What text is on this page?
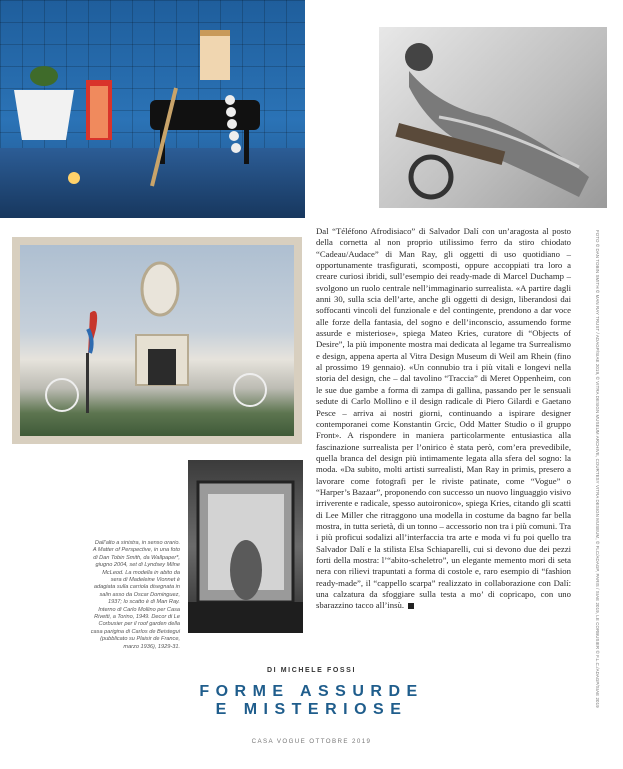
Dall’alto a sinistra, in senso orario. A Matter of Perspective, in una foto di Dan Tobin Smith, da Wallpaper*, giugno 2004, set di Lyndsey Milne McLeod. La modella in abito da sera di Madeleine Vionnet è adagiata sulla carriola disegnata in salin asso da Oscar Dominguez, 1937; lo scatto è di Man Ray. Interno di Carlo Mollino per Casa Rivetti, a Torino, 1949. Decor di Le Corbusier per il roof garden della casa parigina di Carlos de Beistegui (pubblicato su Plaisir de France, marzo 1936), 1929-31.
Dal “Téléfono Afrodisiaco” di Salvador Dalí con un’aragosta al posto della cornetta al non proprio utilissimo ferro da stiro chiodato “Cadeau/Audace” di Man Ray, gli oggetti di uso quotidiano – opportunamente trasfigurati, scomposti, oppure accoppiati tra loro a creare curiosi ibridi, sull’esempio dei ready-made di Marcel Duchamp – svolgono un ruolo centrale nell’immaginario surrealista. «A partire dagli anni 30, sulla scia dell’arte, anche gli oggetti di design, liberandosi dai soffocanti vincoli del funzionale e del contingente, prendono a dar voce alle forze della fantasia, del sogno e dell’inconscio, assumendo forme assurde e misteriose», spiega Mateo Kries, curatore di “Objects of Desire”, la più imponente mostra mai dedicata al legame tra Surrealismo e design, appena aperta al Vitra Design Museum di Weil am Rhein (fino al prossimo 19 gennaio). «Un connubio tra i più vitali e longevi nella storia del design, che – dal tavolino “Traccia” di Meret Oppenheim, con le sue due gambe a forma di zampa di gallina, passando per le sensuali sedute di Carlo Mollino e il design radicale di Piero Gilardi e Gaetano Pesce – arriva ai nostri giorni, continuando a ispirare designer contemporanei come Konstantin Grcic, Odd Matter Studio o il gruppo Front». A rispondere in maniera particolarmente entusiastica alla fascinazione surrealista per l’onirico è stata però, com’era prevedibile, quella branca del design più intimamente legata alla sfera del sogno: la moda. «Da subito, molti artisti surrealisti, Man Ray in primis, presero a lavorare come fotografi per le riviste patinate, come “Vogue” o “Harper’s Bazaar”, proponendo con successo un nuovo linguaggio visivo irriverente e radicale, spesso autoironico», spiega Kries, citando gli scatti di Lee Miller che ritraggono una modella in costume da bagno far bella mostra, in tutta serietà, di un tonno – accessorio non tra i più comuni. Tra i più proficui sodalizi all’interfaccia tra arte e moda vi fu poi quello tra Salvador Dalí e la stilista Elsa Schiaparelli, cui si devono due dei pezzi forti della mostra: l’“abito-scheletro”, un elegante memento mori di seta nera con rilievi trapuntati a forma di costole e, raro esempio di “fashion ready-made”, il “cappello scarpa” realizzato in collaborazione con Dalí: una calzatura da sfoggiare sulla testa a mo’ di copricapo, con uno sbarazzino tacco all’insù.	FOTO © DAN TOBIN SMITH © MAN RAY TRUST / ADAGP/SIAE 2019, © VITRA DESIGN MUSEUM ARCHIVE, COURTESY VITRA DESIGN MUSEUM, © FLC/ADAGP, PARIS / SIAE 2019, LE CORBUSIER © F.L.C./ADAGP/SIAE 2019
DI MICHELE FOSSI
FORME ASSURDE
E MISTERIOSE
CASA VOGUE OTTOBRE 2019
